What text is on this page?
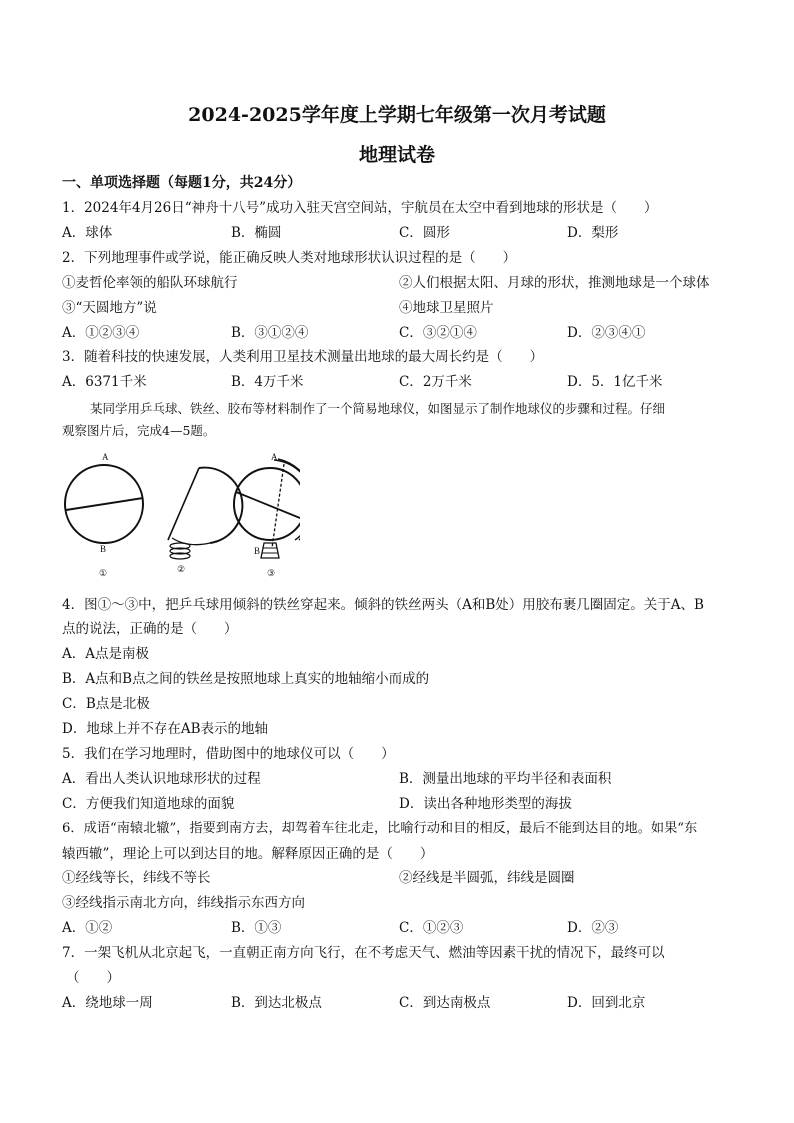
2024-2025学年度上学期七年级第一次月考试题
地理试卷
一、单项选择题（每题1分，共24分）
1．2024年4月26日“神舟十八号”成功入驻天宫空间站，宇航员在太空中看到地球的形状是（　　）
A．球体	B．椭圆	C．圆形	D．梨形
2．下列地理事件或学说，能正确反映人类对地球形状认识过程的是（　　）
①麦哲伦率领的船队环球航行	②人们根据太阳、月球的形状，推测地球是一个球体
③“天圆地方”说	④地球卫星照片
A．①②③④	B．③①②④	C．③②①④	D．②③④①
3．随着科技的快速发展，人类利用卫星技术测量出地球的最大周长约是（　　）
A．6371千米	B．4万千米	C．2万千米	D．5．1亿千米
某同学用乒乓球、铁丝、胶布等材料制作了一个简易地球仪，如图显示了制作地球仪的步骤和过程。仔细
观察图片后，完成4—5题。
A
B
①	②
A
B
③
4．图①～③中，把乒乓球用倾斜的铁丝穿起来。倾斜的铁丝两头（A和B处）用胶布裹几圈固定。关于A、B
点的说法，正确的是（　　）
A．A点是南极
B．A点和B点之间的铁丝是按照地球上真实的地轴缩小而成的
C．B点是北极
D．地球上并不存在AB表示的地轴
5．我们在学习地理时，借助图中的地球仪可以（　　）
A．看出人类认识地球形状的过程	B．测量出地球的平均半径和表面积
C．方便我们知道地球的面貌	D．读出各种地形类型的海拔
6．成语“南辕北辙”，指要到南方去，却驾着车往北走，比喻行动和目的相反，最后不能到达目的地。如果“东
辕西辙”，理论上可以到达目的地。解释原因正确的是（　　）
①经线等长，纬线不等长	②经线是半圆弧，纬线是圆圈
③经线指示南北方向，纬线指示东西方向
A．①②	B．①③	C．①②③	D．②③
7．一架飞机从北京起飞，一直朝正南方向飞行，在不考虑天气、燃油等因素干扰的情况下，最终可以
（　　）
A．绕地球一周	B．到达北极点	C．到达南极点	D．回到北京
